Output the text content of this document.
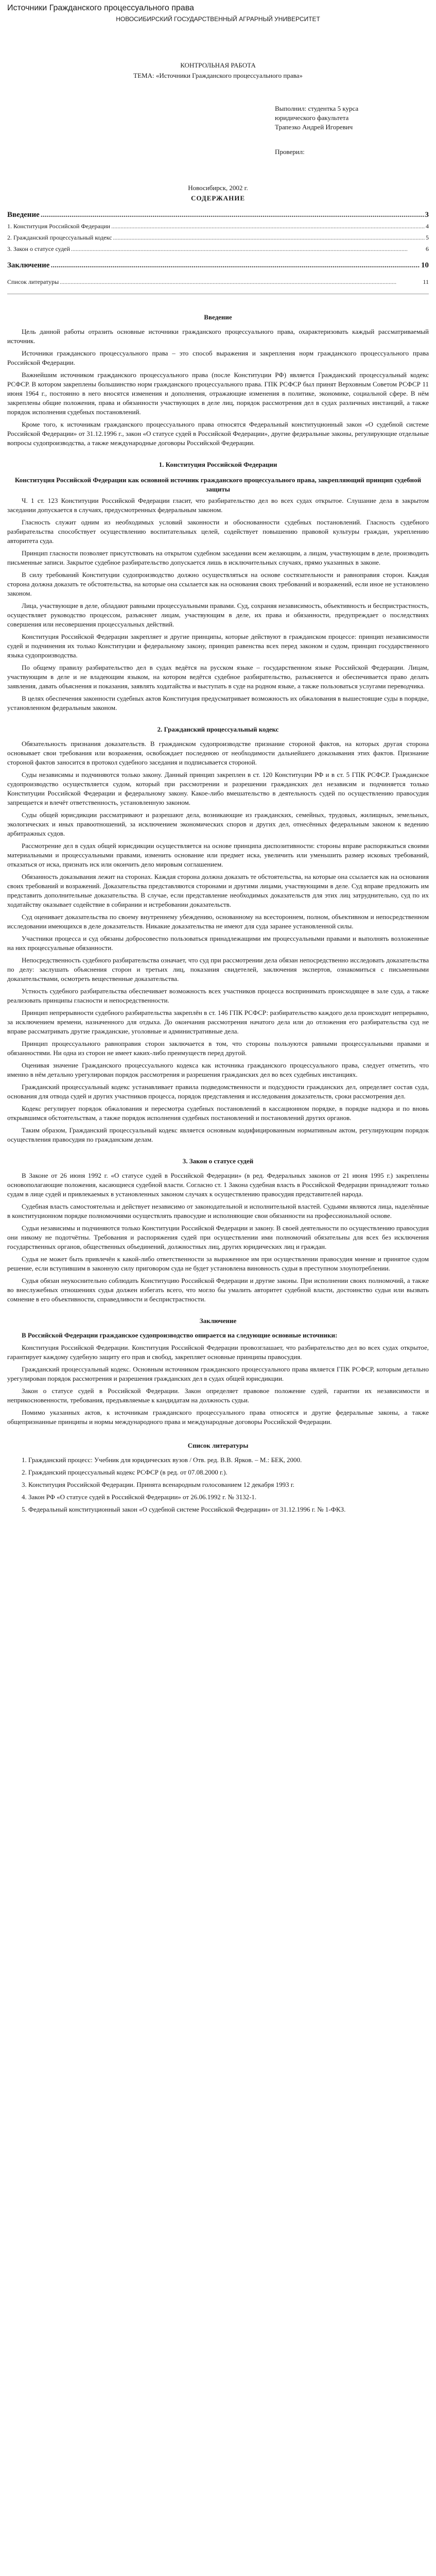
Источники Гражданского процессуального права
НОВОСИБИРСКИЙ ГОСУДАРСТВЕННЫЙ АГРАРНЫЙ УНИВЕРСИТЕТ
КОНТРОЛЬНАЯ РАБОТА
ТЕМА: «Источники Гражданского процессуального права»
Выполнил: студентка 5 курса
юридического факультета
Трапезко Андрей Игоревич
Проверил:
Новосибирск, 2002 г.
СОДЕРЖАНИЕ
Введение .....	3
1. Конституция Российской Федерации .....	4
2. Гражданский процессуальный кодекс .....	5
3. Закон о статусе судей .....	6
Заключение .....	10
Список литературы .....	11
Введение

Цель данной работы отразить основные источники гражданского процессуального права, охарактеризовать каждый рассматриваемый источник.

Источники гражданского процессуального права – это способ выражения и закрепления норм гражданского процессуального права Российской Федерации.

Важнейшим источником гражданского процессуального права (после Конституции РФ) является Гражданский процессуальный кодекс РСФСР. В котором закреплены большинство норм гражданского процессуального права. ГПК РСФСР был принят Верховным Советом РСФСР 11 июня 1964 г., постоянно в него вносятся изменения и дополнения, отражающие изменения в политике, экономике, социальной сфере. В нём закреплены общие положения, права и обязанности участвующих в деле лиц, порядок рассмотрения дел в судах различных инстанций, а также порядок исполнения судебных постановлений.

Кроме того, к источникам гражданского процессуального права относятся Федеральный конституционный закон «О судебной системе Российской Федерации» от 31.12.1996 г., закон «О статусе судей в Российской Федерации», другие федеральные законы, регулирующие отдельные вопросы судопроизводства, а также международные договоры Российской Федерации.

1. Конституция Российской Федерации
Конституция Российской Федерации как основной источник гражданского процессуального права, закрепляющий принцип судебной защиты

Ч. 1 ст. 123 Конституции Российской Федерации гласит, что разбирательство дел во всех судах открытое. Слушание дела в закрытом заседании допускается в случаях, предусмотренных федеральным законом.

Гласность служит одним из необходимых условий законности и обоснованности судебных постановлений. Гласность судебного разбирательства способствует осуществлению воспитательных целей, содействует повышению правовой культуры граждан, укреплению авторитета суда.

Принцип гласности позволяет присутствовать на открытом судебном заседании всем желающим, а лицам, участвующим в деле, производить письменные записи. Закрытое судебное разбирательство допускается лишь в исключительных случаях, прямо указанных в законе.

В силу требований Конституции судопроизводство должно осуществляться на основе состязательности и равноправия сторон. Каждая сторона должна доказать те обстоятельства, на которые она ссылается как на основания своих требований и возражений, если иное не установлено законом.

Лица, участвующие в деле, обладают равными процессуальными правами. Суд, сохраняя независимость, объективность и беспристрастность, осуществляет руководство процессом, разъясняет лицам, участвующим в деле, их права и обязанности, предупреждает о последствиях совершения или несовершения процессуальных действий.

Конституция Российской Федерации закрепляет и другие принципы, которые действуют в гражданском процессе: принцип независимости судей и подчинения их только Конституции и федеральному закону, принцип равенства всех перед законом и судом, принцип государственного языка судопроизводства.

По общему правилу разбирательство дел в судах ведётся на русском языке – государственном языке Российской Федерации. Лицам, участвующим в деле и не владеющим языком, на котором ведётся судебное разбирательство, разъясняется и обеспечивается право делать заявления, давать объяснения и показания, заявлять ходатайства и выступать в суде на родном языке, а также пользоваться услугами переводчика.

В целях обеспечения законности судебных актов Конституция предусматривает возможность их обжалования в вышестоящие суды в порядке, установленном федеральным законом.

2. Гражданский процессуальный кодекс

Обязательность признания доказательств. В гражданском судопроизводстве признание стороной фактов, на которых другая сторона основывает свои требования или возражения, освобождает последнюю от необходимости дальнейшего доказывания этих фактов. Признание стороной фактов заносится в протокол судебного заседания и подписывается стороной.

Суды независимы и подчиняются только закону. Данный принцип закреплен в ст. 120 Конституции РФ и в ст. 5 ГПК РСФСР. Гражданское судопроизводство осуществляется судом, который при рассмотрении и разрешении гражданских дел независим и подчиняется только Конституции Российской Федерации и федеральному закону. Какое-либо вмешательство в деятельность судей по осуществлению правосудия запрещается и влечёт ответственность, установленную законом.

Суды общей юрисдикции рассматривают и разрешают дела, возникающие из гражданских, семейных, трудовых, жилищных, земельных, экологических и иных правоотношений, за исключением экономических споров и других дел, отнесённых федеральным законом к ведению арбитражных судов.

Рассмотрение дел в судах общей юрисдикции осуществляется на основе принципа диспозитивности: стороны вправе распоряжаться своими материальными и процессуальными правами, изменить основание или предмет иска, увеличить или уменьшить размер исковых требований, отказаться от иска, признать иск или окончить дело мировым соглашением.

Обязанность доказывания лежит на сторонах. Каждая сторона должна доказать те обстоятельства, на которые она ссылается как на основания своих требований и возражений. Доказательства представляются сторонами и другими лицами, участвующими в деле. Суд вправе предложить им представить дополнительные доказательства. В случае, если представление необходимых доказательств для этих лиц затруднительно, суд по их ходатайству оказывает содействие в собирании и истребовании доказательств.

Суд оценивает доказательства по своему внутреннему убеждению, основанному на всестороннем, полном, объективном и непосредственном исследовании имеющихся в деле доказательств. Никакие доказательства не имеют для суда заранее установленной силы.

Участники процесса и суд обязаны добросовестно пользоваться принадлежащими им процессуальными правами и выполнять возложенные на них процессуальные обязанности.

Непосредственность судебного разбирательства означает, что суд при рассмотрении дела обязан непосредственно исследовать доказательства по делу: заслушать объяснения сторон и третьих лиц, показания свидетелей, заключения экспертов, ознакомиться с письменными доказательствами, осмотреть вещественные доказательства.

Устность судебного разбирательства обеспечивает возможность всех участников процесса воспринимать происходящее в зале суда, а также реализовать принципы гласности и непосредственности.

Принцип непрерывности судебного разбирательства закреплён в ст. 146 ГПК РСФСР: разбирательство каждого дела происходит непрерывно, за исключением времени, назначенного для отдыха. До окончания рассмотрения начатого дела или до отложения его разбирательства суд не вправе рассматривать другие гражданские, уголовные и административные дела.

Принцип процессуального равноправия сторон заключается в том, что стороны пользуются равными процессуальными правами и обязанностями. Ни одна из сторон не имеет каких-либо преимуществ перед другой.

Оценивая значение Гражданского процессуального кодекса как источника гражданского процессуального права, следует отметить, что именно в нём детально урегулирован порядок рассмотрения и разрешения гражданских дел во всех судебных инстанциях.

Гражданский процессуальный кодекс устанавливает правила подведомственности и подсудности гражданских дел, определяет состав суда, основания для отвода судей и других участников процесса, порядок представления и исследования доказательств, сроки рассмотрения дел.

Кодекс регулирует порядок обжалования и пересмотра судебных постановлений в кассационном порядке, в порядке надзора и по вновь открывшимся обстоятельствам, а также порядок исполнения судебных постановлений и постановлений других органов.

Таким образом, Гражданский процессуальный кодекс является основным кодифицированным нормативным актом, регулирующим порядок осуществления правосудия по гражданским делам.

3. Закон о статусе судей

В Законе от 26 июня 1992 г. «О статусе судей в Российской Федерации» (в ред. Федеральных законов от 21 июня 1995 г.) закреплены основополагающие положения, касающиеся судебной власти. Согласно ст. 1 Закона судебная власть в Российской Федерации принадлежит только судам в лице судей и привлекаемых в установленных законом случаях к осуществлению правосудия представителей народа.

Судебная власть самостоятельна и действует независимо от законодательной и исполнительной властей. Судьями являются лица, наделённые в конституционном порядке полномочиями осуществлять правосудие и исполняющие свои обязанности на профессиональной основе.

Судьи независимы и подчиняются только Конституции Российской Федерации и закону. В своей деятельности по осуществлению правосудия они никому не подотчётны. Требования и распоряжения судей при осуществлении ими полномочий обязательны для всех без исключения государственных органов, общественных объединений, должностных лиц, других юридических лиц и граждан.

Судья не может быть привлечён к какой-либо ответственности за выраженное им при осуществлении правосудия мнение и принятое судом решение, если вступившим в законную силу приговором суда не будет установлена виновность судьи в преступном злоупотреблении.

Судья обязан неукоснительно соблюдать Конституцию Российской Федерации и другие законы. При исполнении своих полномочий, а также во внеслужебных отношениях судья должен избегать всего, что могло бы умалить авторитет судебной власти, достоинство судьи или вызвать сомнение в его объективности, справедливости и беспристрастности.

Заключение

В Российской Федерации гражданское судопроизводство опирается на следующие основные источники:

Конституция Российской Федерации. Конституция Российской Федерации провозглашает, что разбирательство дел во всех судах открытое, гарантирует каждому судебную защиту его прав и свобод, закрепляет основные принципы правосудия.

Гражданский процессуальный кодекс. Основным источником гражданского процессуального права является ГПК РСФСР, которым детально урегулирован порядок рассмотрения и разрешения гражданских дел в судах общей юрисдикции.

Закон о статусе судей в Российской Федерации. Закон определяет правовое положение судей, гарантии их независимости и неприкосновенности, требования, предъявляемые к кандидатам на должность судьи.

Помимо указанных актов, к источникам гражданского процессуального права относятся и другие федеральные законы, а также общепризнанные принципы и нормы международного права и международные договоры Российской Федерации.

Список литературы
1. Гражданский процесс: Учебник для юридических вузов / Отв. ред. В.В. Ярков. – М.: БЕК, 2000.
2. Гражданский процессуальный кодекс РСФСР (в ред. от 07.08.2000 г.).
3. Конституция Российской Федерации. Принята всенародным голосованием 12 декабря 1993 г.
4. Закон РФ «О статусе судей в Российской Федерации» от 26.06.1992 г. № 3132-1.
5. Федеральный конституционный закон «О судебной системе Российской Федерации» от 31.12.1996 г. № 1-ФКЗ.
